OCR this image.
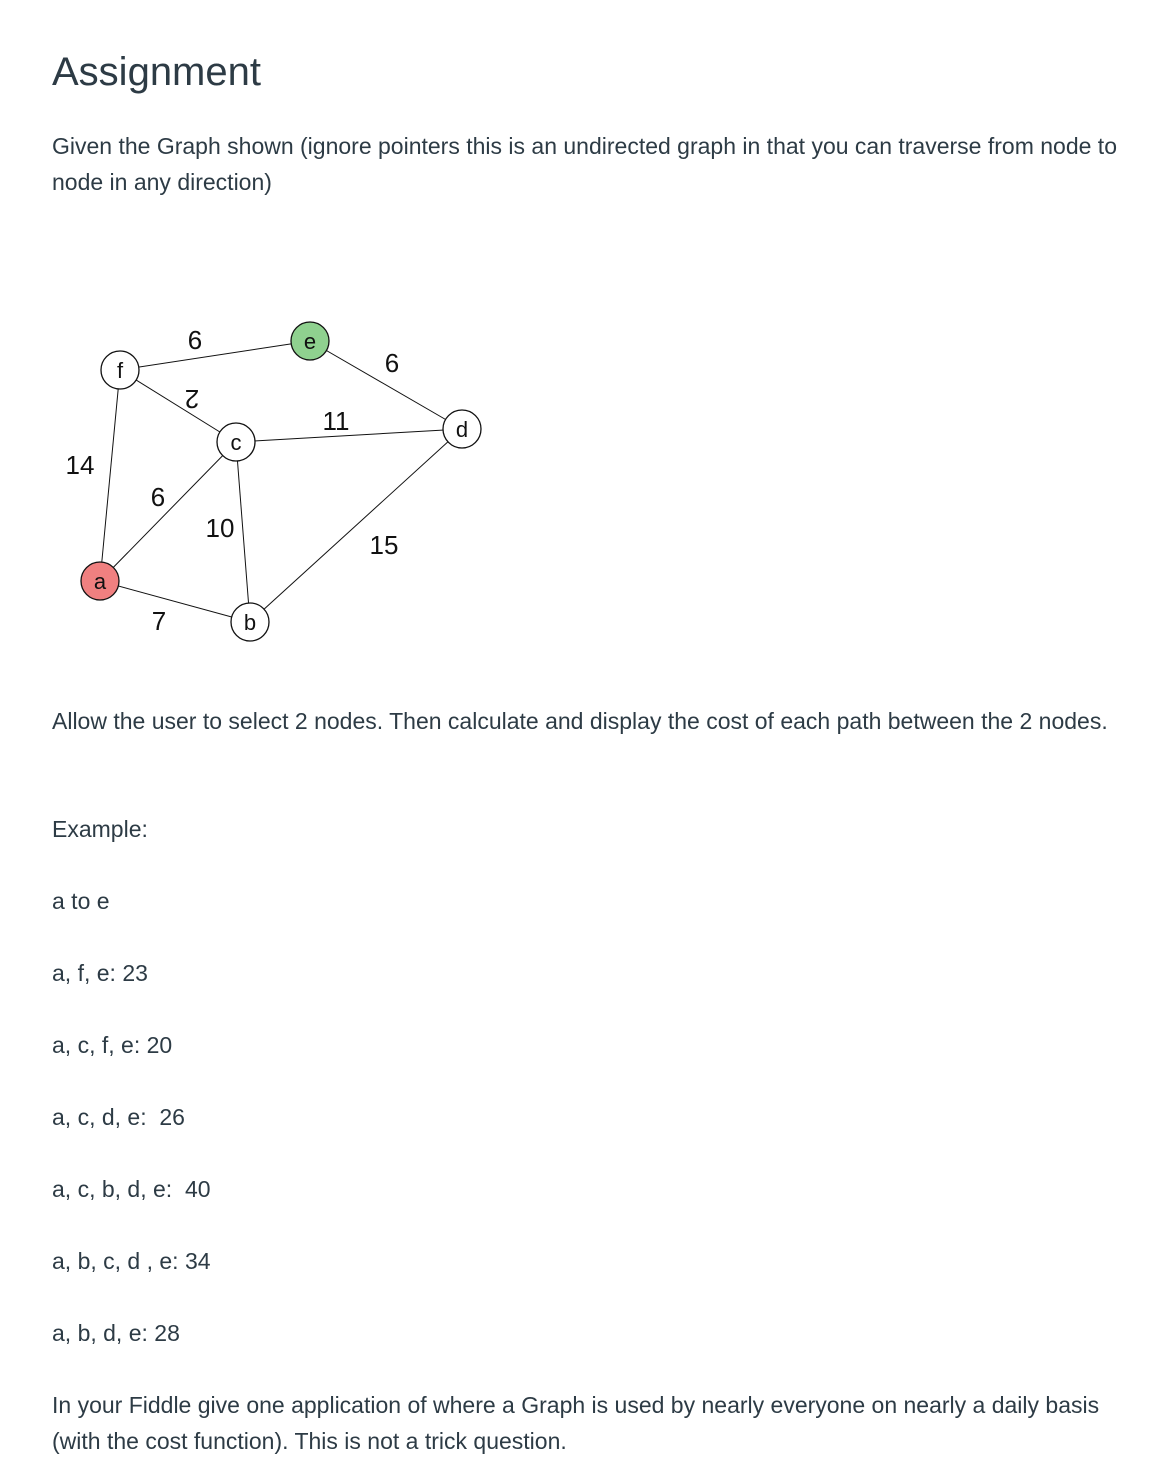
Assignment

Given the Graph shown (ignore pointers this is an undirected graph in that you can traverse from node to node in any direction)

f
e
c
d
a
b
9
2
6
11
14
9
10
15
7

Allow the user to select 2 nodes. Then calculate and display the cost of each path between the 2 nodes.

Example:

a to e

a, f, e: 23

a, c, f, e: 20

a, c, d, e:  26

a, c, b, d, e:  40

a, b, c, d , e: 34

a, b, d, e: 28

In your Fiddle give one application of where a Graph is used by nearly everyone on nearly a daily basis (with the cost function). This is not a trick question.
